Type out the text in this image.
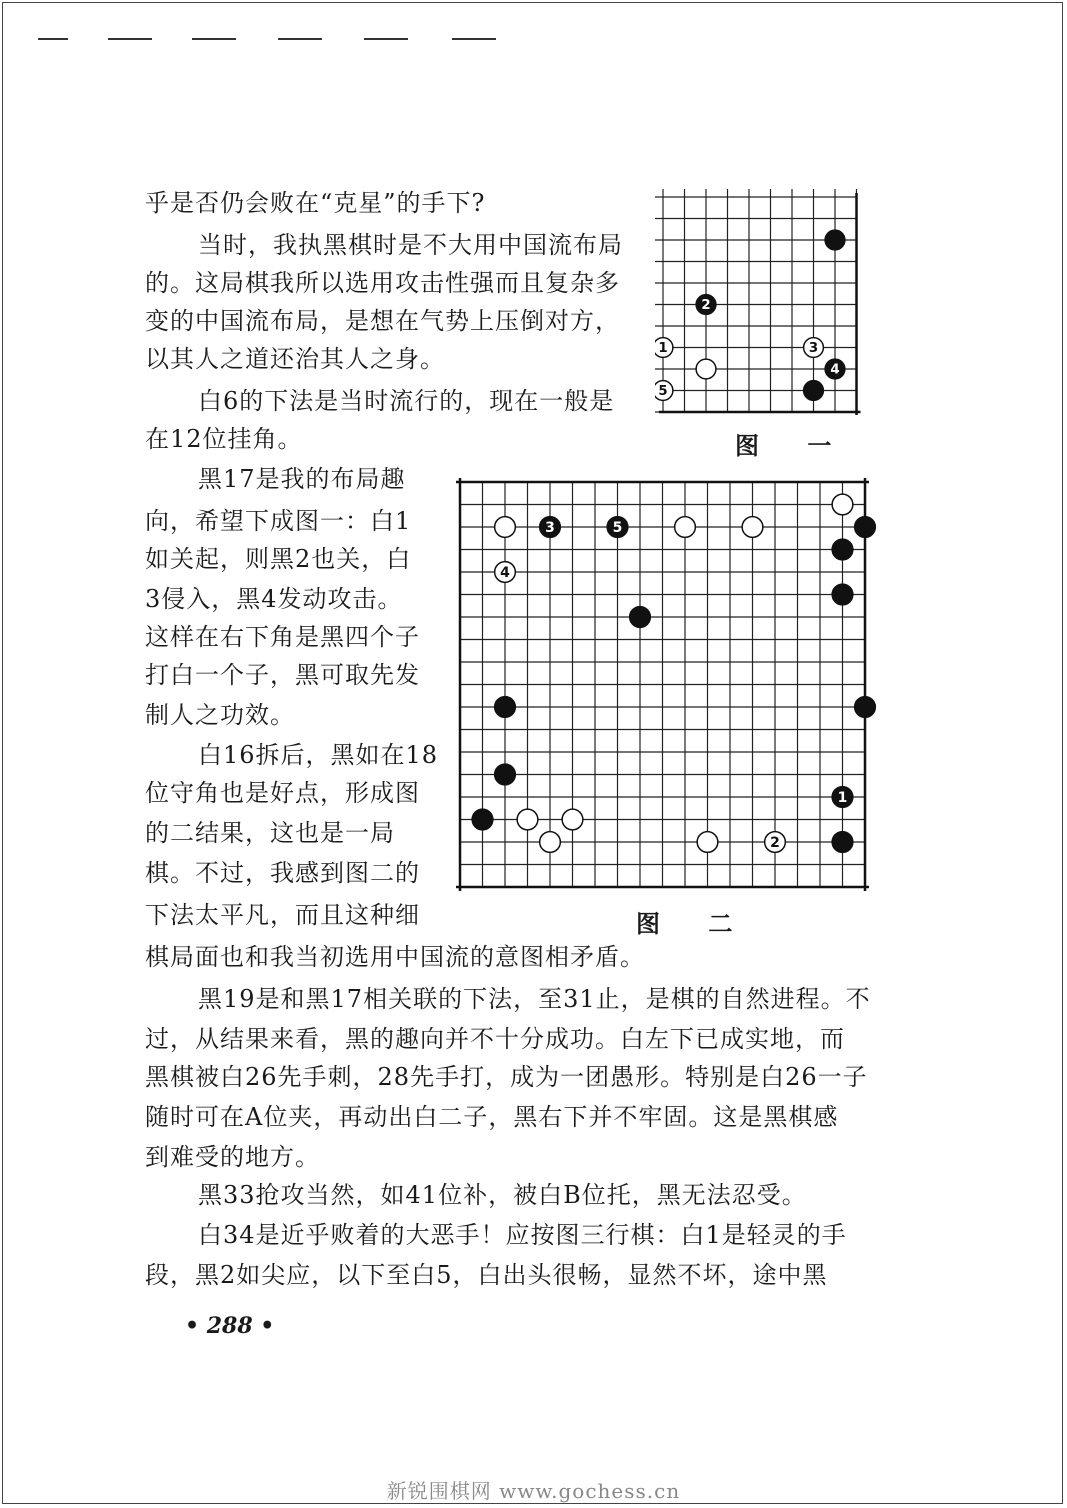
乎是否仍会败在“克星”的手下?
当时，我执黑棋时是不大用中国流布局
的。这局棋我所以选用攻击性强而且复杂多
变的中国流布局，是想在气势上压倒对方，
以其人之道还治其人之身。
白6的下法是当时流行的，现在一般是
在12位挂角。
黑17是我的布局趣
向，希望下成图一：白1
如关起，则黑2也关，白
3侵入，黑4发动攻击。
这样在右下角是黑四个子
打白一个子，黑可取先发
制人之功效。
白16拆后，黑如在18
位守角也是好点，形成图
的二结果，这也是一局
棋。不过，我感到图二的
下法太平凡，而且这种细
棋局面也和我当初选用中国流的意图相矛盾。
黑19是和黑17相关联的下法，至31止，是棋的自然进程。不
过，从结果来看，黑的趣向并不十分成功。白左下已成实地，而
黑棋被白26先手刺，28先手打，成为一团愚形。特别是白26一子
随时可在A位夹，再动出白二子，黑右下并不牢固。这是黑棋感
到难受的地方。
黑33抢攻当然，如41位补，被白B位托，黑无法忍受。
白34是近乎败着的大恶手！应按图三行棋：白1是轻灵的手
段，黑2如尖应，以下至白5，白出头很畅，显然不坏，途中黑
2
1	3
4
5
图 一
3	5
4
1
2
图 二
• 288 •
新锐围棋网 www.gochess.cn
